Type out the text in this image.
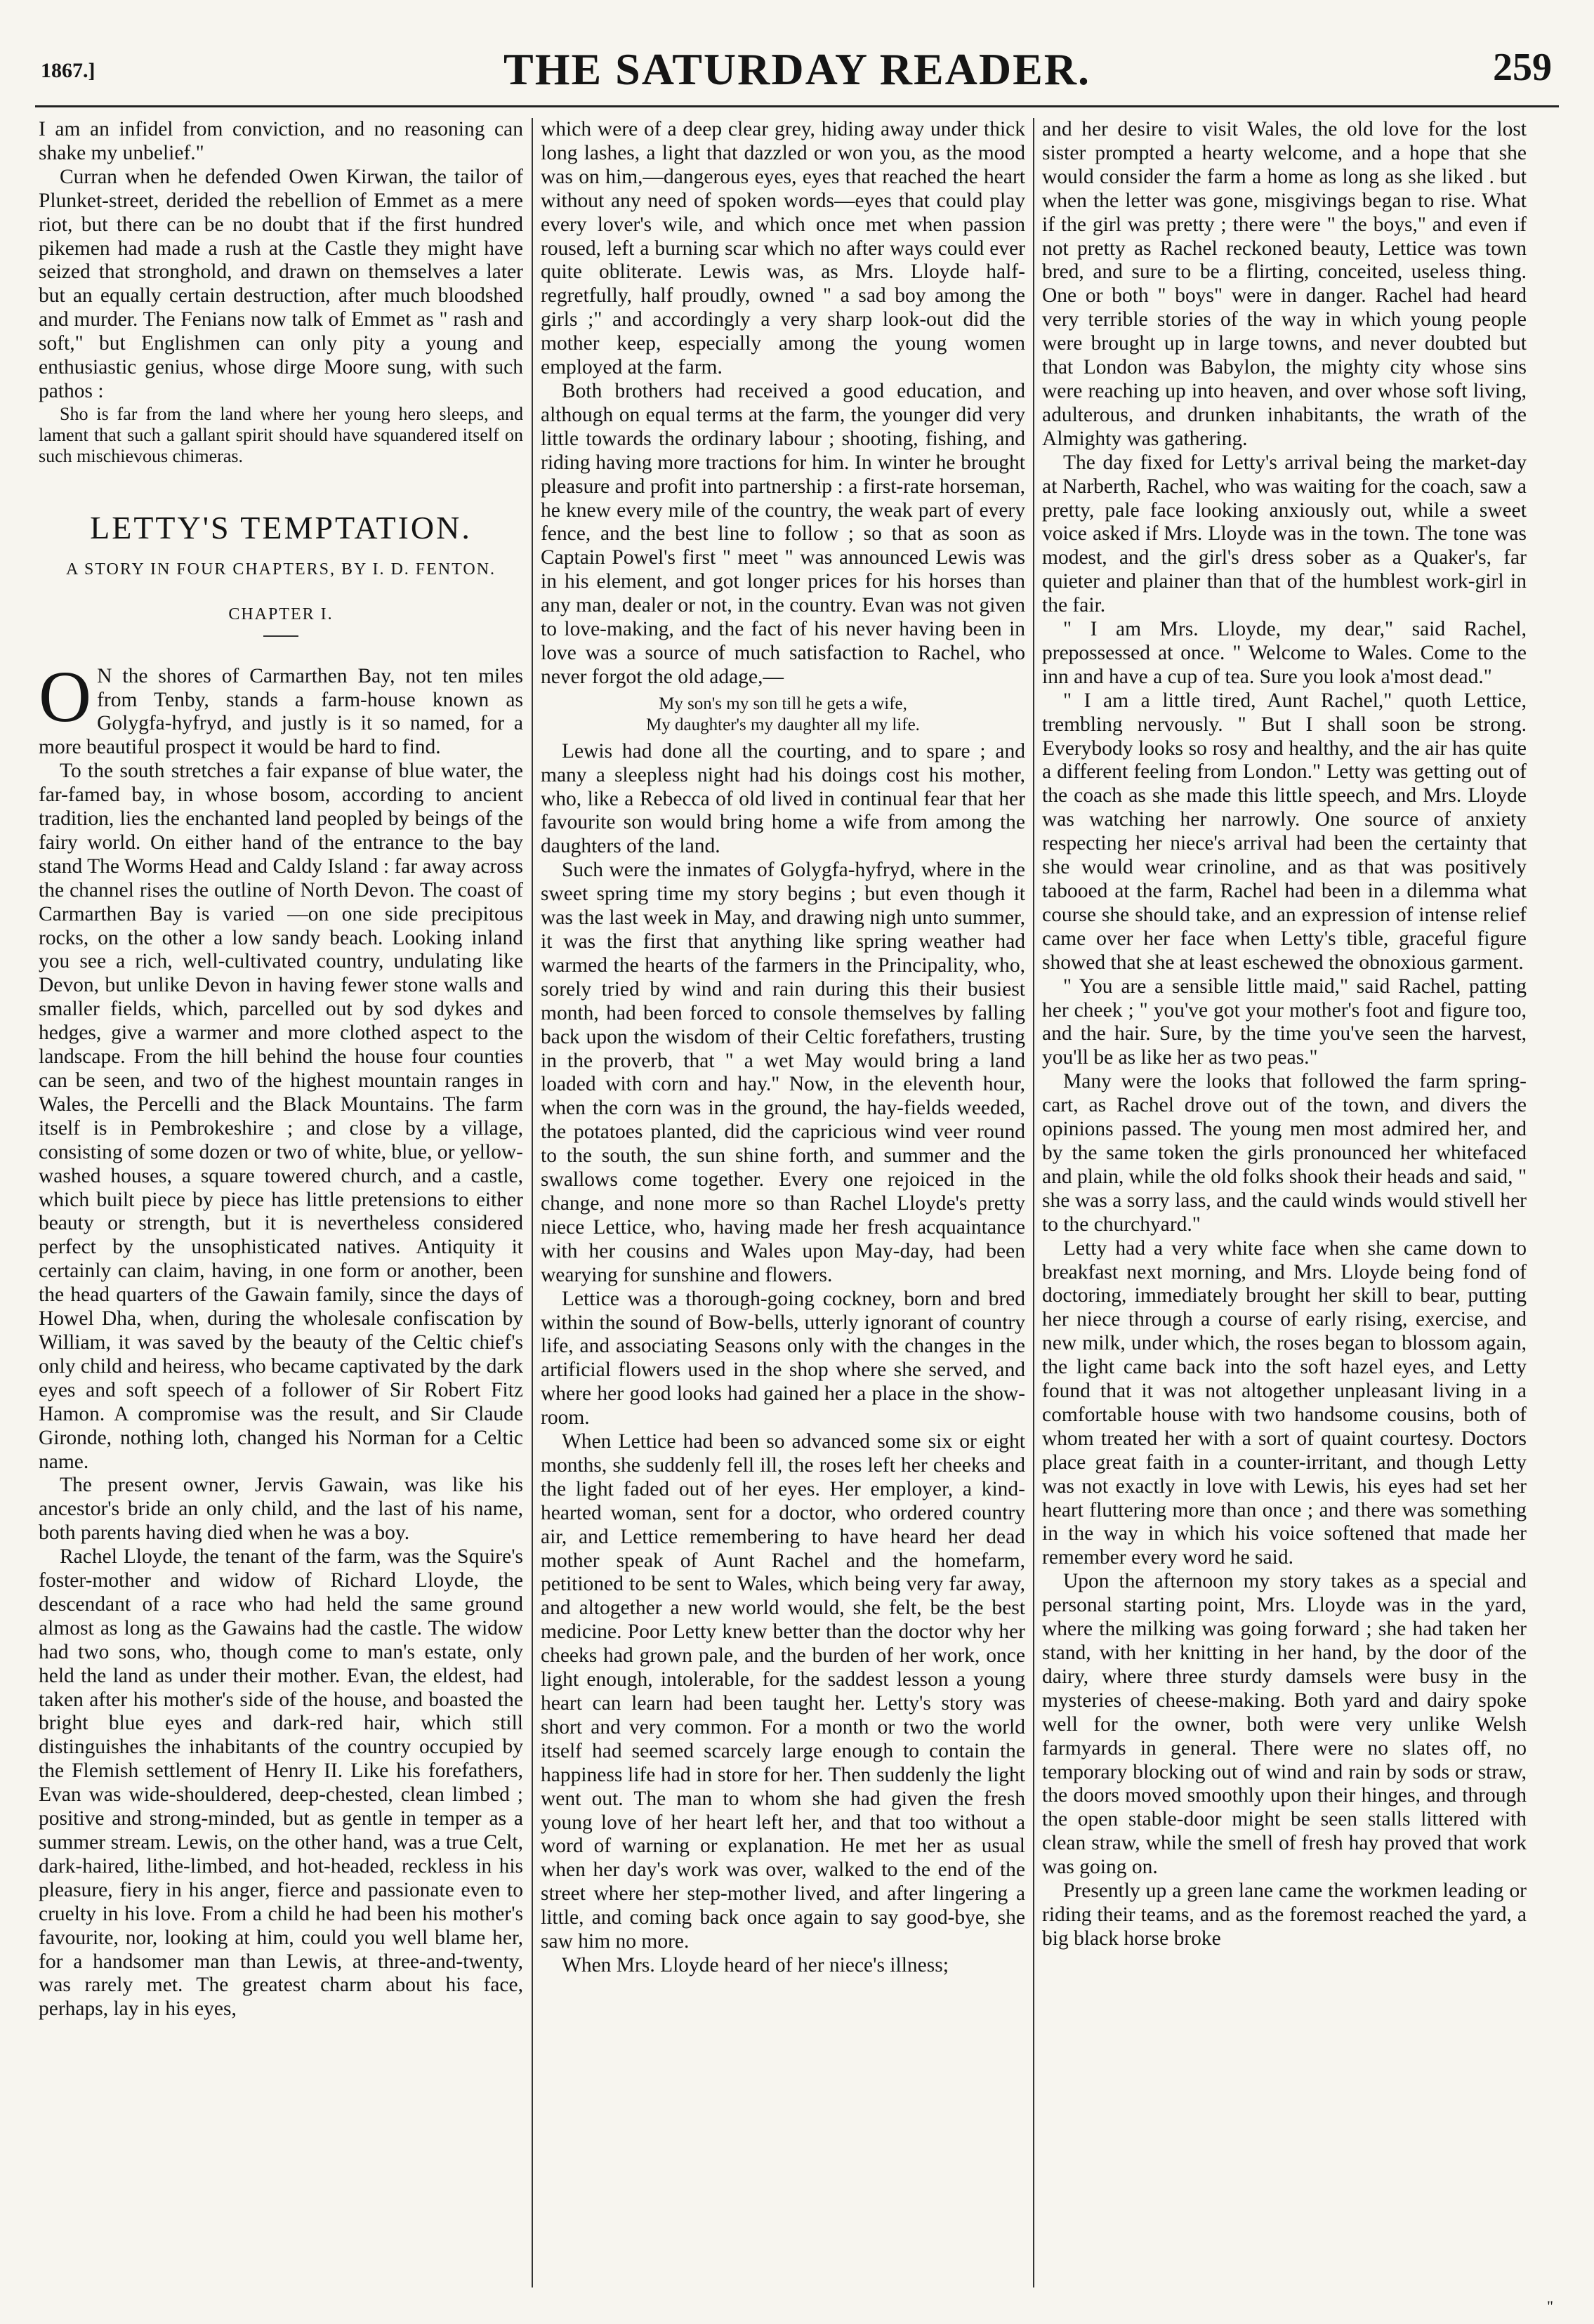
1867.]	THE SATURDAY READER.	259

I am an infidel from conviction, and no reasoning can shake my unbelief."

Curran when he defended Owen Kirwan, the tailor of Plunket-street, derided the rebellion of Emmet as a mere riot, but there can be no doubt that if the first hundred pikemen had made a rush at the Castle they might have seized that stronghold, and drawn on themselves a later but an equally certain destruction, after much bloodshed and murder. The Fenians now talk of Emmet as " rash and soft," but Englishmen can only pity a young and enthusiastic genius, whose dirge Moore sung, with such pathos :

Sho is far from the land where her young hero sleeps, and lament that such a gallant spirit should have squandered itself on such mischievous chimeras.

LETTY'S TEMPTATION.
A STORY IN FOUR CHAPTERS, BY I. D. FENTON.
CHAPTER I.

O N the shores of Carmarthen Bay, not ten miles from Tenby, stands a farm-house known as Golygfa-hyfryd, and justly is it so named, for a more beautiful prospect it would be hard to find.

To the south stretches a fair expanse of blue water, the far-famed bay, in whose bosom, according to ancient tradition, lies the enchanted land peopled by beings of the fairy world. On either hand of the entrance to the bay stand The Worms Head and Caldy Island : far away across the channel rises the outline of North Devon. The coast of Carmarthen Bay is varied —on one side precipitous rocks, on the other a low sandy beach. Looking inland you see a rich, well-cultivated country, undulating like Devon, but unlike Devon in having fewer stone walls and smaller fields, which, parcelled out by sod dykes and hedges, give a warmer and more clothed aspect to the landscape. From the hill behind the house four counties can be seen, and two of the highest mountain ranges in Wales, the Percelli and the Black Mountains. The farm itself is in Pembrokeshire ; and close by a village, consisting of some dozen or two of white, blue, or yellow-washed houses, a square towered church, and a castle, which built piece by piece has little pretensions to either beauty or strength, but it is nevertheless considered perfect by the unsophisticated natives. Antiquity it certainly can claim, having, in one form or another, been the head quarters of the Gawain family, since the days of Howel Dha, when, during the wholesale confiscation by William, it was saved by the beauty of the Celtic chief's only child and heiress, who became captivated by the dark eyes and soft speech of a follower of Sir Robert Fitz Hamon. A compromise was the result, and Sir Claude Gironde, nothing loth, changed his Norman for a Celtic name.

The present owner, Jervis Gawain, was like his ancestor's bride an only child, and the last of his name, both parents having died when he was a boy.

Rachel Lloyde, the tenant of the farm, was the Squire's foster-mother and widow of Richard Lloyde, the descendant of a race who had held the same ground almost as long as the Gawains had the castle. The widow had two sons, who, though come to man's estate, only held the land as under their mother. Evan, the eldest, had taken after his mother's side of the house, and boasted the bright blue eyes and dark-red hair, which still distinguishes the inhabitants of the country occupied by the Flemish settlement of Henry II. Like his forefathers, Evan was wide-shouldered, deep-chested, clean limbed ; positive and strong-minded, but as gentle in temper as a summer stream. Lewis, on the other hand, was a true Celt, dark-haired, lithe-limbed, and hot-headed, reckless in his pleasure, fiery in his anger, fierce and passionate even to cruelty in his love. From a child he had been his mother's favourite, nor, looking at him, could you well blame her, for a handsomer man than Lewis, at three-and-twenty, was rarely met. The greatest charm about his face, perhaps, lay in his eyes,

which were of a deep clear grey, hiding away under thick long lashes, a light that dazzled or won you, as the mood was on him,—dangerous eyes, eyes that reached the heart without any need of spoken words—eyes that could play every lover's wile, and which once met when passion roused, left a burning scar which no after ways could ever quite obliterate. Lewis was, as Mrs. Lloyde half-regretfully, half proudly, owned " a sad boy among the girls ;" and accordingly a very sharp look-out did the mother keep, especially among the young women employed at the farm.

Both brothers had received a good education, and although on equal terms at the farm, the younger did very little towards the ordinary labour ; shooting, fishing, and riding having more tractions for him. In winter he brought pleasure and profit into partnership : a first-rate horseman, he knew every mile of the country, the weak part of every fence, and the best line to follow ; so that as soon as Captain Powel's first " meet " was announced Lewis was in his element, and got longer prices for his horses than any man, dealer or not, in the country. Evan was not given to love-making, and the fact of his never having been in love was a source of much satisfaction to Rachel, who never forgot the old adage,—

My son's my son till he gets a wife,
My daughter's my daughter all my life.

Lewis had done all the courting, and to spare ; and many a sleepless night had his doings cost his mother, who, like a Rebecca of old lived in continual fear that her favourite son would bring home a wife from among the daughters of the land.

Such were the inmates of Golygfa-hyfryd, where in the sweet spring time my story begins ; but even though it was the last week in May, and drawing nigh unto summer, it was the first that anything like spring weather had warmed the hearts of the farmers in the Principality, who, sorely tried by wind and rain during this their busiest month, had been forced to console themselves by falling back upon the wisdom of their Celtic forefathers, trusting in the proverb, that " a wet May would bring a land loaded with corn and hay." Now, in the eleventh hour, when the corn was in the ground, the hay-fields weeded, the potatoes planted, did the capricious wind veer round to the south, the sun shine forth, and summer and the swallows come together. Every one rejoiced in the change, and none more so than Rachel Lloyde's pretty niece Lettice, who, having made her fresh acquaintance with her cousins and Wales upon May-day, had been wearying for sunshine and flowers.

Lettice was a thorough-going cockney, born and bred within the sound of Bow-bells, utterly ignorant of country life, and associating Seasons only with the changes in the artificial flowers used in the shop where she served, and where her good looks had gained her a place in the show-room.

When Lettice had been so advanced some six or eight months, she suddenly fell ill, the roses left her cheeks and the light faded out of her eyes. Her employer, a kind-hearted woman, sent for a doctor, who ordered country air, and Lettice remembering to have heard her dead mother speak of Aunt Rachel and the homefarm, petitioned to be sent to Wales, which being very far away, and altogether a new world would, she felt, be the best medicine. Poor Letty knew better than the doctor why her cheeks had grown pale, and the burden of her work, once light enough, intolerable, for the saddest lesson a young heart can learn had been taught her. Letty's story was short and very common. For a month or two the world itself had seemed scarcely large enough to contain the happiness life had in store for her. Then suddenly the light went out. The man to whom she had given the fresh young love of her heart left her, and that too without a word of warning or explanation. He met her as usual when her day's work was over, walked to the end of the street where her step-mother lived, and after lingering a little, and coming back once again to say good-bye, she saw him no more.

When Mrs. Lloyde heard of her niece's illness;

and her desire to visit Wales, the old love for the lost sister prompted a hearty welcome, and a hope that she would consider the farm a home as long as she liked . but when the letter was gone, misgivings began to rise. What if the girl was pretty ; there were " the boys," and even if not pretty as Rachel reckoned beauty, Lettice was town bred, and sure to be a flirting, conceited, useless thing. One or both " boys" were in danger. Rachel had heard very terrible stories of the way in which young people were brought up in large towns, and never doubted but that London was Babylon, the mighty city whose sins were reaching up into heaven, and over whose soft living, adulterous, and drunken inhabitants, the wrath of the Almighty was gathering.

The day fixed for Letty's arrival being the market-day at Narberth, Rachel, who was waiting for the coach, saw a pretty, pale face looking anxiously out, while a sweet voice asked if Mrs. Lloyde was in the town. The tone was modest, and the girl's dress sober as a Quaker's, far quieter and plainer than that of the humblest work-girl in the fair.

" I am Mrs. Lloyde, my dear," said Rachel, prepossessed at once. " Welcome to Wales. Come to the inn and have a cup of tea. Sure you look a'most dead."

" I am a little tired, Aunt Rachel," quoth Lettice, trembling nervously. " But I shall soon be strong. Everybody looks so rosy and healthy, and the air has quite a different feeling from London." Letty was getting out of the coach as she made this little speech, and Mrs. Lloyde was watching her narrowly. One source of anxiety respecting her niece's arrival had been the certainty that she would wear crinoline, and as that was positively tabooed at the farm, Rachel had been in a dilemma what course she should take, and an expression of intense relief came over her face when Letty's tible, graceful figure showed that she at least eschewed the obnoxious garment.

" You are a sensible little maid," said Rachel, patting her cheek ; " you've got your mother's foot and figure too, and the hair. Sure, by the time you've seen the harvest, you'll be as like her as two peas."

Many were the looks that followed the farm spring-cart, as Rachel drove out of the town, and divers the opinions passed. The young men most admired her, and by the same token the girls pronounced her whitefaced and plain, while the old folks shook their heads and said, " she was a sorry lass, and the cauld winds would stivell her to the churchyard."

Letty had a very white face when she came down to breakfast next morning, and Mrs. Lloyde being fond of doctoring, immediately brought her skill to bear, putting her niece through a course of early rising, exercise, and new milk, under which, the roses began to blossom again, the light came back into the soft hazel eyes, and Letty found that it was not altogether unpleasant living in a comfortable house with two handsome cousins, both of whom treated her with a sort of quaint courtesy. Doctors place great faith in a counter-irritant, and though Letty was not exactly in love with Lewis, his eyes had set her heart fluttering more than once ; and there was something in the way in which his voice softened that made her remember every word he said.

Upon the afternoon my story takes as a special and personal starting point, Mrs. Lloyde was in the yard, where the milking was going forward ; she had taken her stand, with her knitting in her hand, by the door of the dairy, where three sturdy damsels were busy in the mysteries of cheese-making. Both yard and dairy spoke well for the owner, both were very unlike Welsh farmyards in general. There were no slates off, no temporary blocking out of wind and rain by sods or straw, the doors moved smoothly upon their hinges, and through the open stable-door might be seen stalls littered with clean straw, while the smell of fresh hay proved that work was going on.

Presently up a green lane came the workmen leading or riding their teams, and as the foremost reached the yard, a big black horse broke

"
